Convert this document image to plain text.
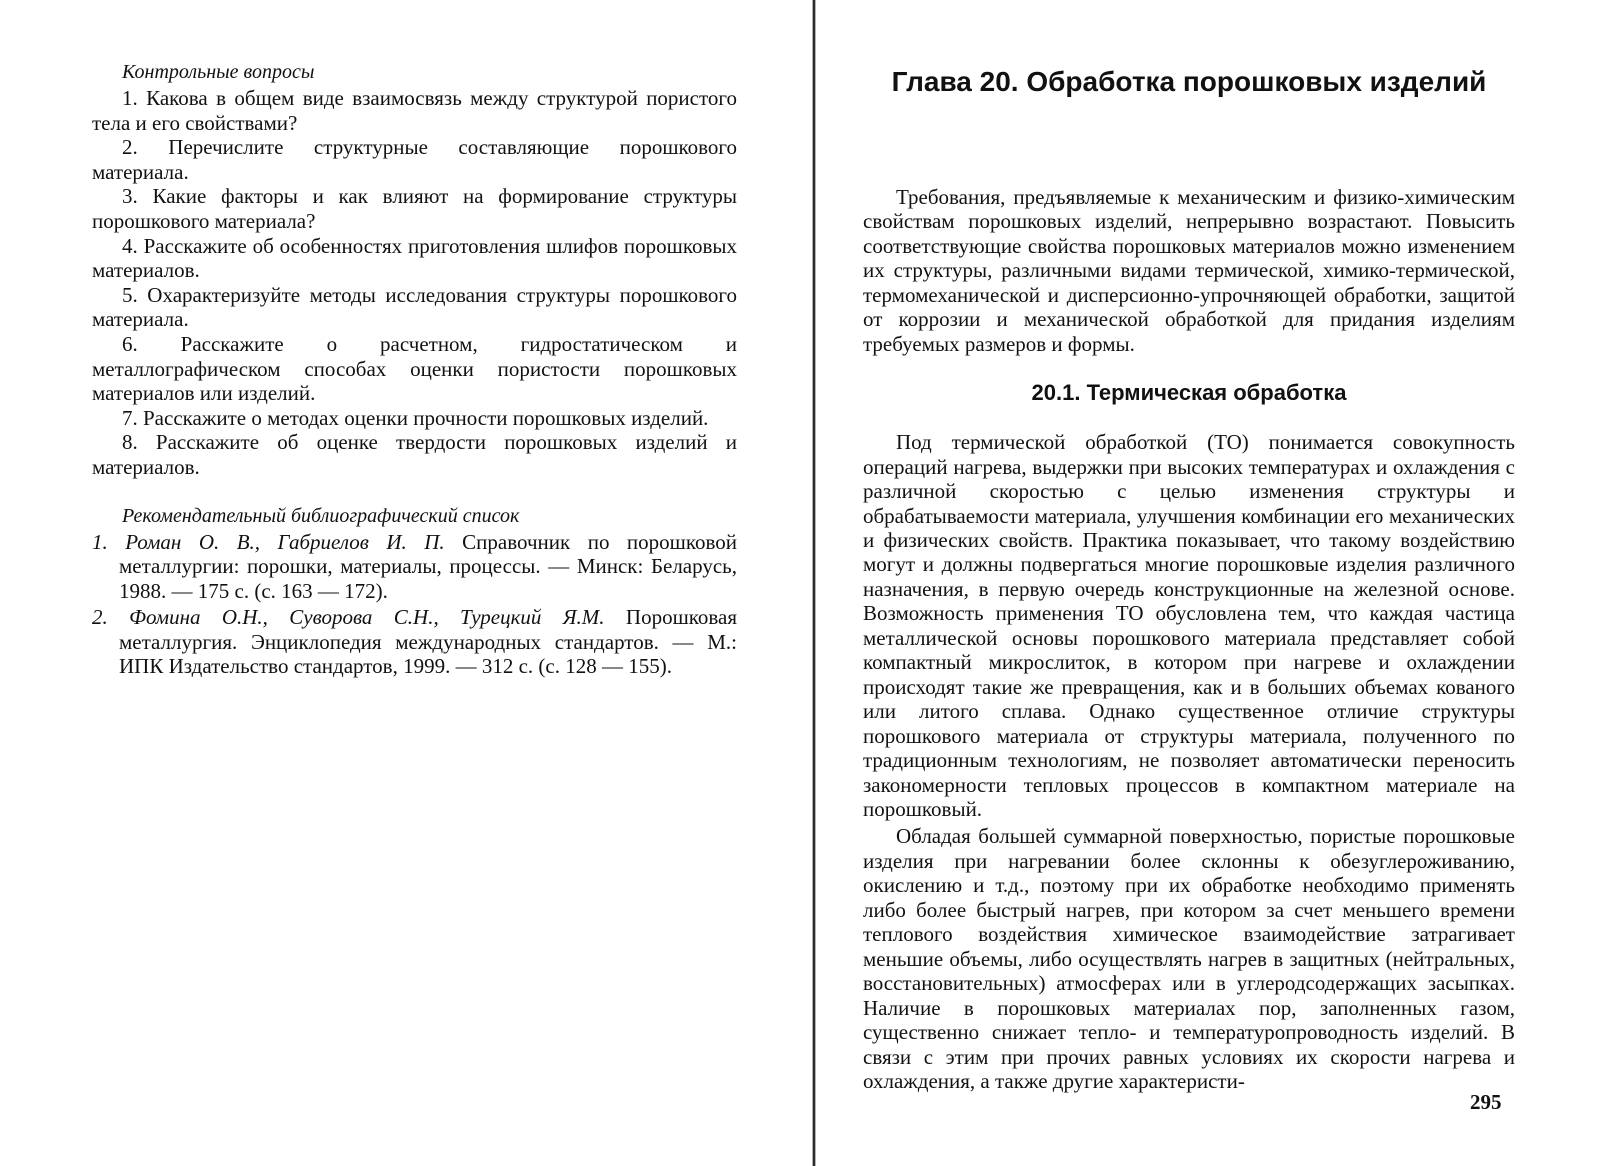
Контрольные вопросы

1. Какова в общем виде взаимосвязь между структурой пористого тела и его свойствами?

2. Перечислите структурные составляющие порошкового материала.

3. Какие факторы и как влияют на формирование структуры порошкового материала?

4. Расскажите об особенностях приготовления шлифов порошковых материалов.

5. Охарактеризуйте методы исследования структуры порошкового материала.

6. Расскажите о расчетном, гидростатическом и металлографическом способах оценки пористости порошковых материалов или изделий.

7. Расскажите о методах оценки прочности порошковых изделий.

8. Расскажите об оценке твердости порошковых изделий и материалов.

Рекомендательный библиографический список

1. Роман О. В., Габриелов И. П. Справочник по порошковой металлургии: порошки, материалы, процессы. — Минск: Беларусь, 1988. — 175 с. (с. 163 — 172).

2. Фомина О.Н., Суворова С.Н., Турецкий Я.М. Порошковая металлургия. Энциклопедия международных стандартов. — М.: ИПК Издательство стандартов, 1999. — 312 с. (с. 128 — 155).

Глава 20. Обработка порошковых изделий

Требования, предъявляемые к механическим и физико-химическим свойствам порошковых изделий, непрерывно возрастают. Повысить соответствующие свойства порошковых материалов можно изменением их структуры, различными видами термической, химико-термической, термомеханической и дисперсионно-упрочняющей обработки, защитой от коррозии и механической обработкой для придания изделиям требуемых размеров и формы.

20.1. Термическая обработка

Под термической обработкой (ТО) понимается совокупность операций нагрева, выдержки при высоких температурах и охлаждения с различной скоростью с целью изменения структуры и обрабатываемости материала, улучшения комбинации его механических и физических свойств. Практика показывает, что такому воздействию могут и должны подвергаться многие порошковые изделия различного назначения, в первую очередь конструкционные на железной основе. Возможность применения ТО обусловлена тем, что каждая частица металлической основы порошкового материала представляет собой компактный микрослиток, в котором при нагреве и охлаждении происходят такие же превращения, как и в больших объемах кованого или литого сплава. Однако существенное отличие структуры порошкового материала от структуры материала, полученного по традиционным технологиям, не позволяет автоматически переносить закономерности тепловых процессов в компактном материале на порошковый.

Обладая большей суммарной поверхностью, пористые порошковые изделия при нагревании более склонны к обезуглероживанию, окислению и т.д., поэтому при их обработке необходимо применять либо более быстрый нагрев, при котором за счет меньшего времени теплового воздействия химическое взаимодействие затрагивает меньшие объемы, либо осуществлять нагрев в защитных (нейтральных, восстановительных) атмосферах или в углеродсодержащих засыпках. Наличие в порошковых материалах пор, заполненных газом, существенно снижает тепло- и температуропроводность изделий. В связи с этим при прочих равных условиях их скорости нагрева и охлаждения, а также другие характеристи-

295
